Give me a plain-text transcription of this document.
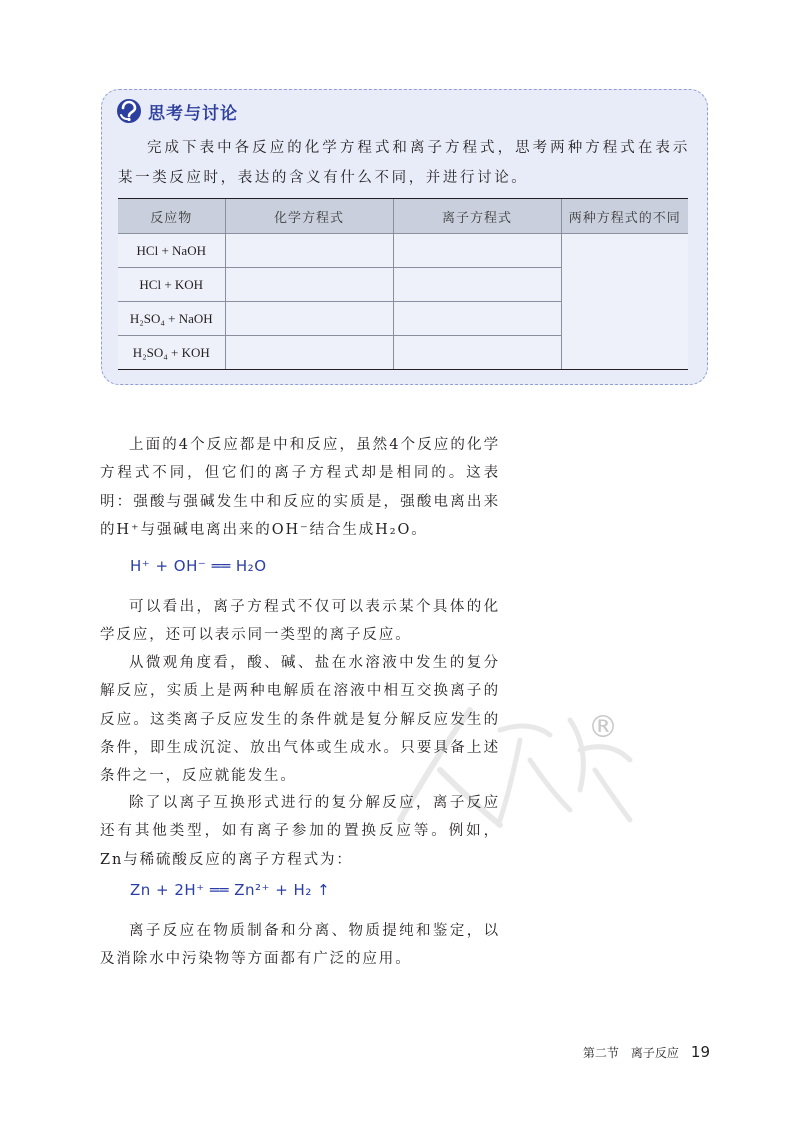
思考与讨论

完成下表中各反应的化学方程式和离子方程式，思考两种方程式在表示某一类反应时，表达的含义有什么不同，并进行讨论。

反应物	化学方程式	离子方程式	两种方程式的不同
HCl + NaOH			
HCl + KOH			
H₂SO₄ + NaOH			
H₂SO₄ + KOH			

上面的4个反应都是中和反应，虽然4个反应的化学方程式不同，但它们的离子方程式却是相同的。这表明：强酸与强碱发生中和反应的实质是，强酸电离出来的H⁺与强碱电离出来的OH⁻结合生成H₂O。

H⁺ + OH⁻ ══ H₂O

可以看出，离子方程式不仅可以表示某个具体的化学反应，还可以表示同一类型的离子反应。

从微观角度看，酸、碱、盐在水溶液中发生的复分解反应，实质上是两种电解质在溶液中相互交换离子的反应。这类离子反应发生的条件就是复分解反应发生的条件，即生成沉淀、放出气体或生成水。只要具备上述条件之一，反应就能发生。

除了以离子互换形式进行的复分解反应，离子反应还有其他类型，如有离子参加的置换反应等。例如，Zn与稀硫酸反应的离子方程式为：

Zn + 2H⁺ ══ Zn²⁺ + H₂ ↑

离子反应在物质制备和分离、物质提纯和鉴定，以及消除水中污染物等方面都有广泛的应用。

®
第二节 离子反应 19
